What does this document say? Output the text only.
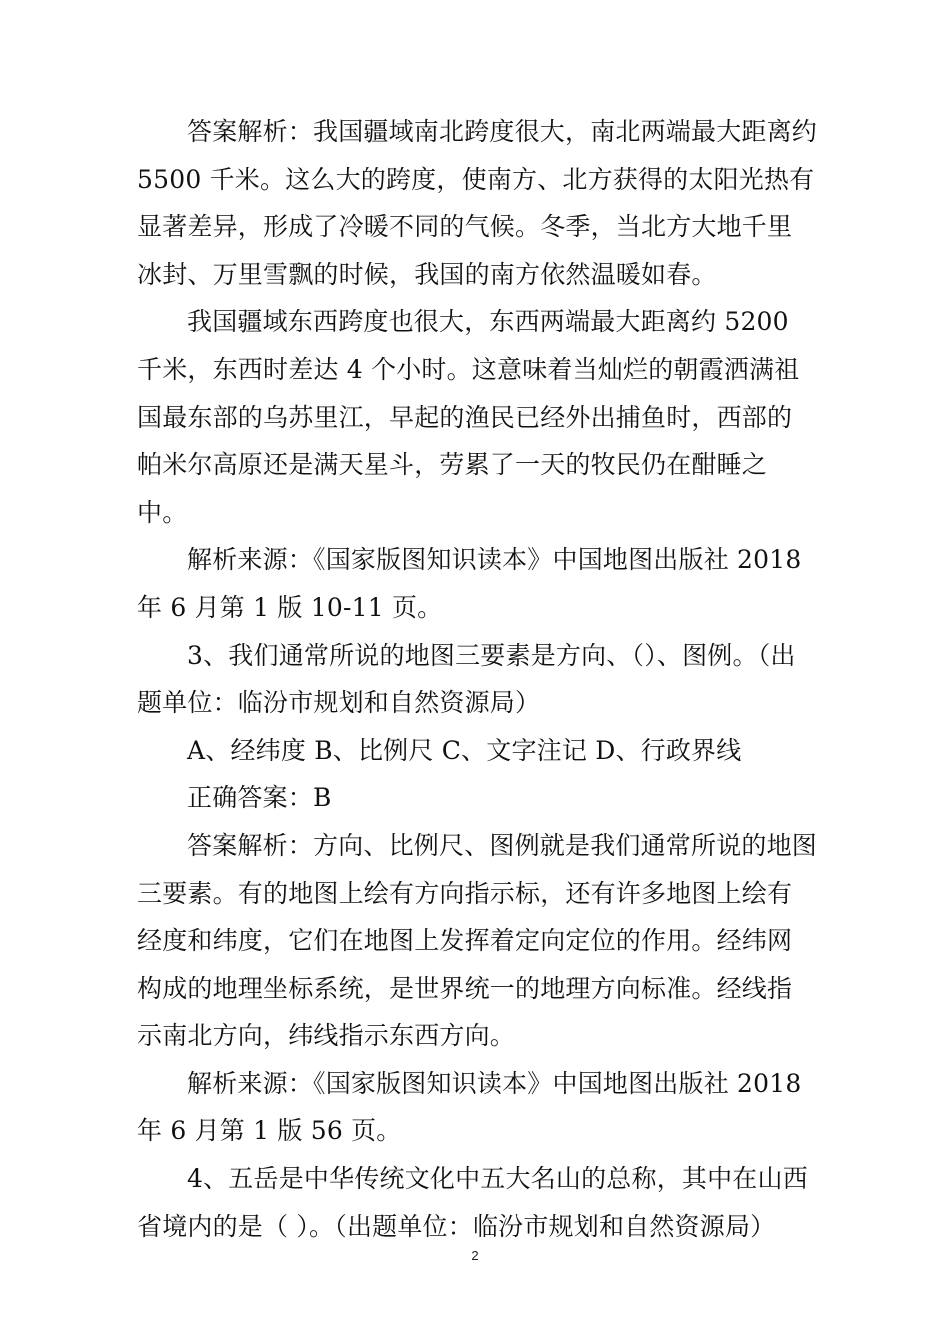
答案解析：我国疆域南北跨度很大，南北两端最大距离约5500 千米。这么大的跨度，使南方、北方获得的太阳光热有显著差异，形成了冷暖不同的气候。冬季，当北方大地千里冰封、万里雪飘的时候，我国的南方依然温暖如春。

我国疆域东西跨度也很大，东西两端最大距离约 5200 千米，东西时差达 4 个小时。这意味着当灿烂的朝霞洒满祖国最东部的乌苏里江，早起的渔民已经外出捕鱼时，西部的帕米尔高原还是满天星斗，劳累了一天的牧民仍在酣睡之中。

解析来源：《国家版图知识读本》中国地图出版社 2018年 6 月第 1 版 10-11 页。

3、我们通常所说的地图三要素是方向、（）、图例。（出题单位：临汾市规划和自然资源局）

A、经纬度 B、比例尺 C、文字注记 D、行政界线

正确答案：B

答案解析：方向、比例尺、图例就是我们通常所说的地图三要素。有的地图上绘有方向指示标，还有许多地图上绘有经度和纬度，它们在地图上发挥着定向定位的作用。经纬网构成的地理坐标系统，是世界统一的地理方向标准。经线指示南北方向，纬线指示东西方向。

解析来源：《国家版图知识读本》中国地图出版社 2018年 6 月第 1 版 56 页。

4、五岳是中华传统文化中五大名山的总称，其中在山西省境内的是（ ）。（出题单位：临汾市规划和自然资源局）

2
